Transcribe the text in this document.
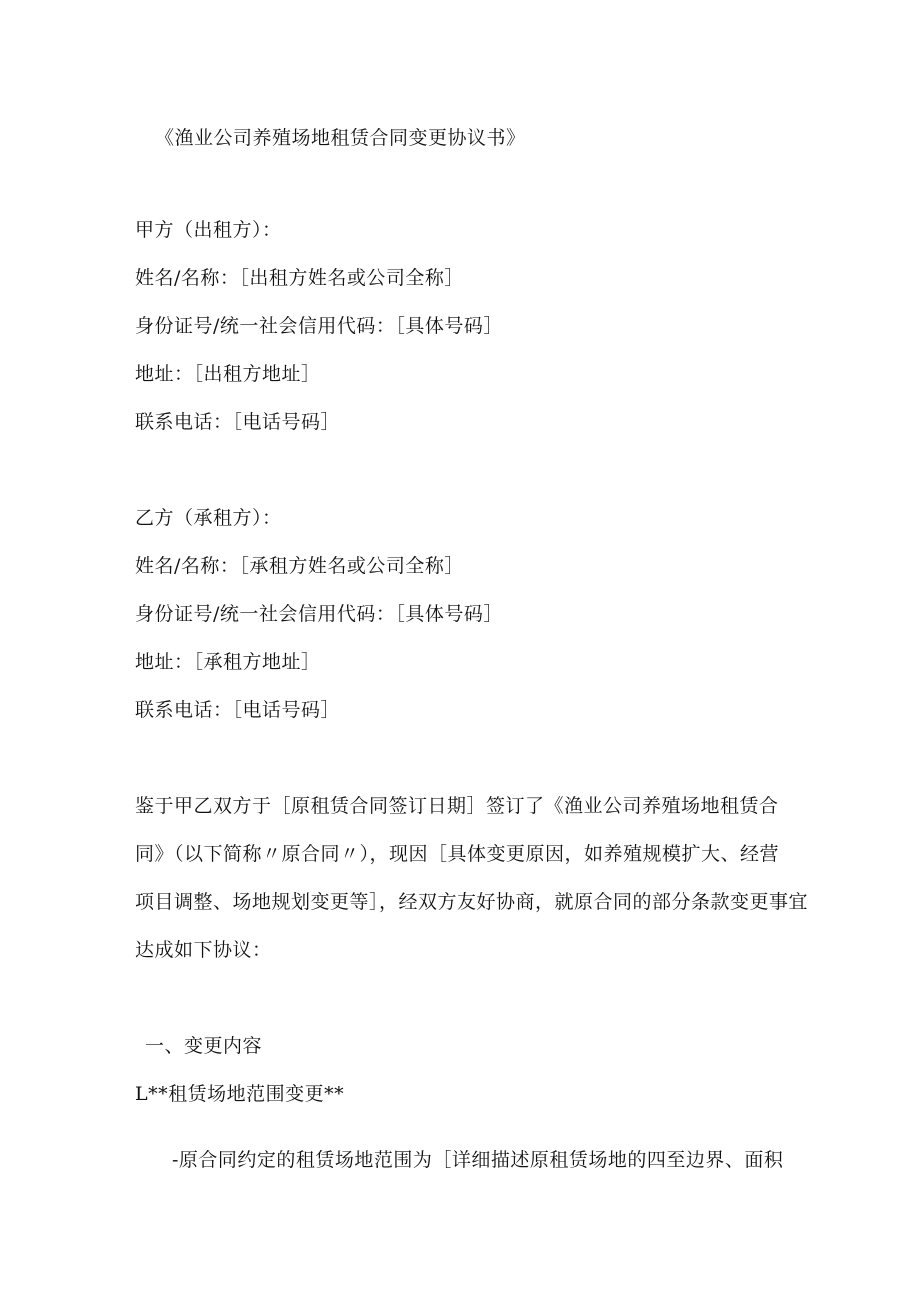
《渔业公司养殖场地租赁合同变更协议书》
甲方（出租方）：
姓名/名称：［出租方姓名或公司全称］
身份证号/统一社会信用代码：［具体号码］
地址：［出租方地址］
联系电话：［电话号码］
乙方（承租方）：
姓名/名称：［承租方姓名或公司全称］
身份证号/统一社会信用代码：［具体号码］
地址：［承租方地址］
联系电话：［电话号码］
鉴于甲乙双方于［原租赁合同签订日期］签订了《渔业公司养殖场地租赁合
同》（以下简称〃原合同〃），现因［具体变更原因，如养殖规模扩大、经营
项目调整、场地规划变更等］，经双方友好协商，就原合同的部分条款变更事宜
达成如下协议：
一、变更内容
L**租赁场地范围变更**
-原合同约定的租赁场地范围为［详细描述原租赁场地的四至边界、面积
